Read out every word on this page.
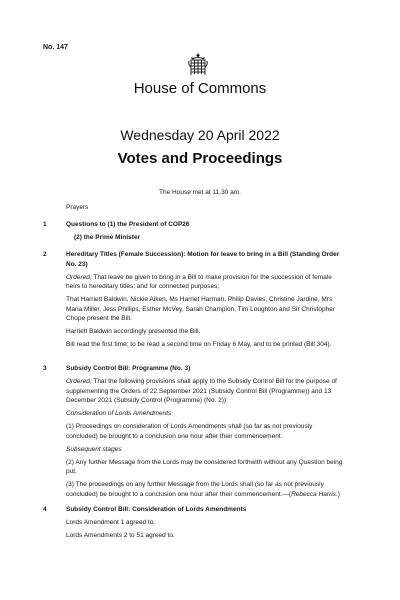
No. 147
House of Commons
Wednesday 20 April 2022
Votes and Proceedings
The House met at 11.30 am.
Prayers
1	Questions to (1) the President of COP26

(2) the Prime Minister

2	Hereditary Titles (Female Succession): Motion for leave to bring in a Bill (Standing Order No. 23)

Ordered, That leave be given to bring in a Bill to make provision for the succession of female heirs to hereditary titles; and for connected purposes;

That Harriett Baldwin, Nickie Aiken, Ms Harriet Harman, Philip Davies, Christine Jardine, Mrs Maria Miller, Jess Phillips, Esther McVey, Sarah Champion, Tim Loughton and Sir Christopher Chope present the Bill.

Harriett Baldwin accordingly presented the Bill.

Bill read the first time; to be read a second time on Friday 6 May, and to be printed (Bill 304).

3	Subsidy Control Bill: Programme (No. 3)

Ordered, That the following provisions shall apply to the Subsidy Control Bill for the purpose of supplementing the Orders of 22 September 2021 (Subsidy Control Bill (Programme)) and 13 December 2021 (Subsidy Control (Programme) (No. 2)):

Consideration of Lords Amendments

(1) Proceedings on consideration of Lords Amendments shall (so far as not previously concluded) be brought to a conclusion one hour after their commencement.

Subsequent stages

(2) Any further Message from the Lords may be considered forthwith without any Question being put.

(3) The proceedings on any further Message from the Lords shall (so far as not previously concluded) be brought to a conclusion one hour after their commencement.—(Rebecca Harris.)

4	Subsidy Control Bill: Consideration of Lords Amendments

Lords Amendment 1 agreed to.

Lords Amendments 2 to 51 agreed to.
